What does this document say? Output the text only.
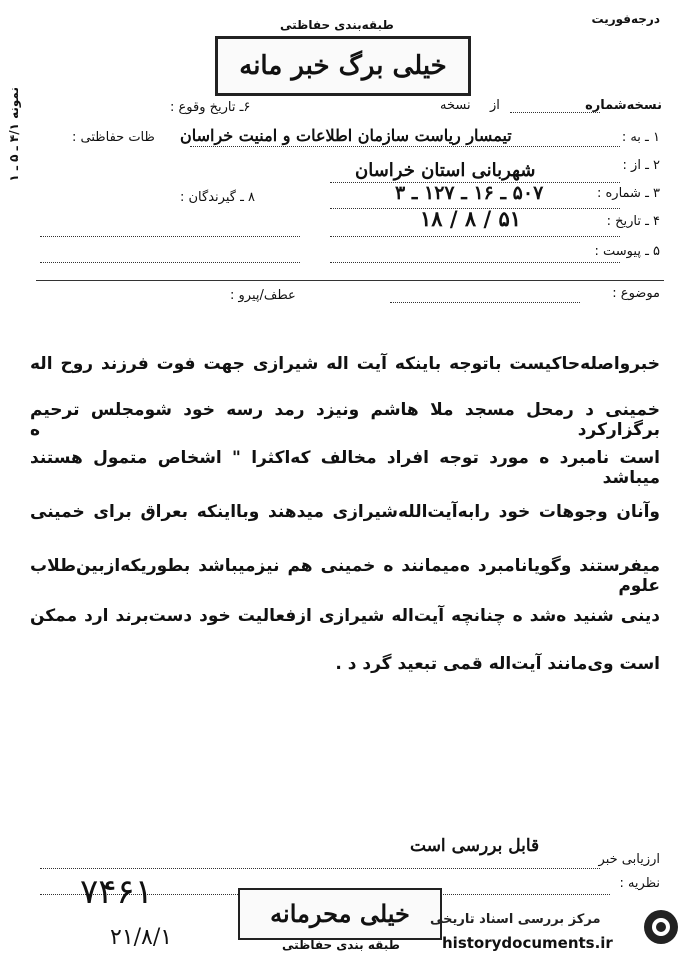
درجه‌فوریت
طبقه‌بندی حفاظتی
خیلی برگ خبر مانه
نمونه ۴/۱ ـ ۵ ـ ۱	نسخه‌شماره
از
نسخه
۶ـ تاریخ وقوع :
۱ ـ به :
تیمسار ریاست سازمان اطلاعات و امنیت خراسان
ظات حفاظتی :
۲ ـ از :
شهربانی استان خراسان
۳ ـ شماره :
۵۰۷ ـ ۱۶ ـ ۱۲۷ ـ ۳
۸ ـ گیرندگان :
۴ ـ تاریخ :
۵۱ / ۸ / ۱۸
۵ ـ پیوست :
موضوع :
عطف/پیرو :
خبرواصله‌حاکیست باتوجه باینکه آیت اله شیرازی جهت فوت فرزند روح اله
خمینی د رمحل مسجد ملا هاشم ونیزد رمد رسه خود شومجلس ترحیم برگزارکرد ه
است نامبرد ه مورد توجه افراد مخالف که‌اکثرا " اشخاص متمول هستند میباشد
وآنان وجوهات خود رابه‌آیت‌الله‌شیرازی میدهند وبااینکه بعراق برای خمینی
میفرستند وگویانامبرد ه‌میمانند ه خمینی هم نیزمیباشد بطوریکه‌ازبین‌طلاب علوم
دینی شنید ه‌شد ه چنانچه آیت‌اله شیرازی ازفعالیت خود دست‌برند ارد ممکن
است وی‌مانند آیت‌اله قمی تبعید گرد د .
ارزیابی خبر
قابل بررسی است
نظریه :
۷۴۶۱
۲۱/۸/۱
خیلی محرمانه
طبقه بندی حفاظتی
مرکز بررسی اسناد تاریخی
historydocuments.ir
